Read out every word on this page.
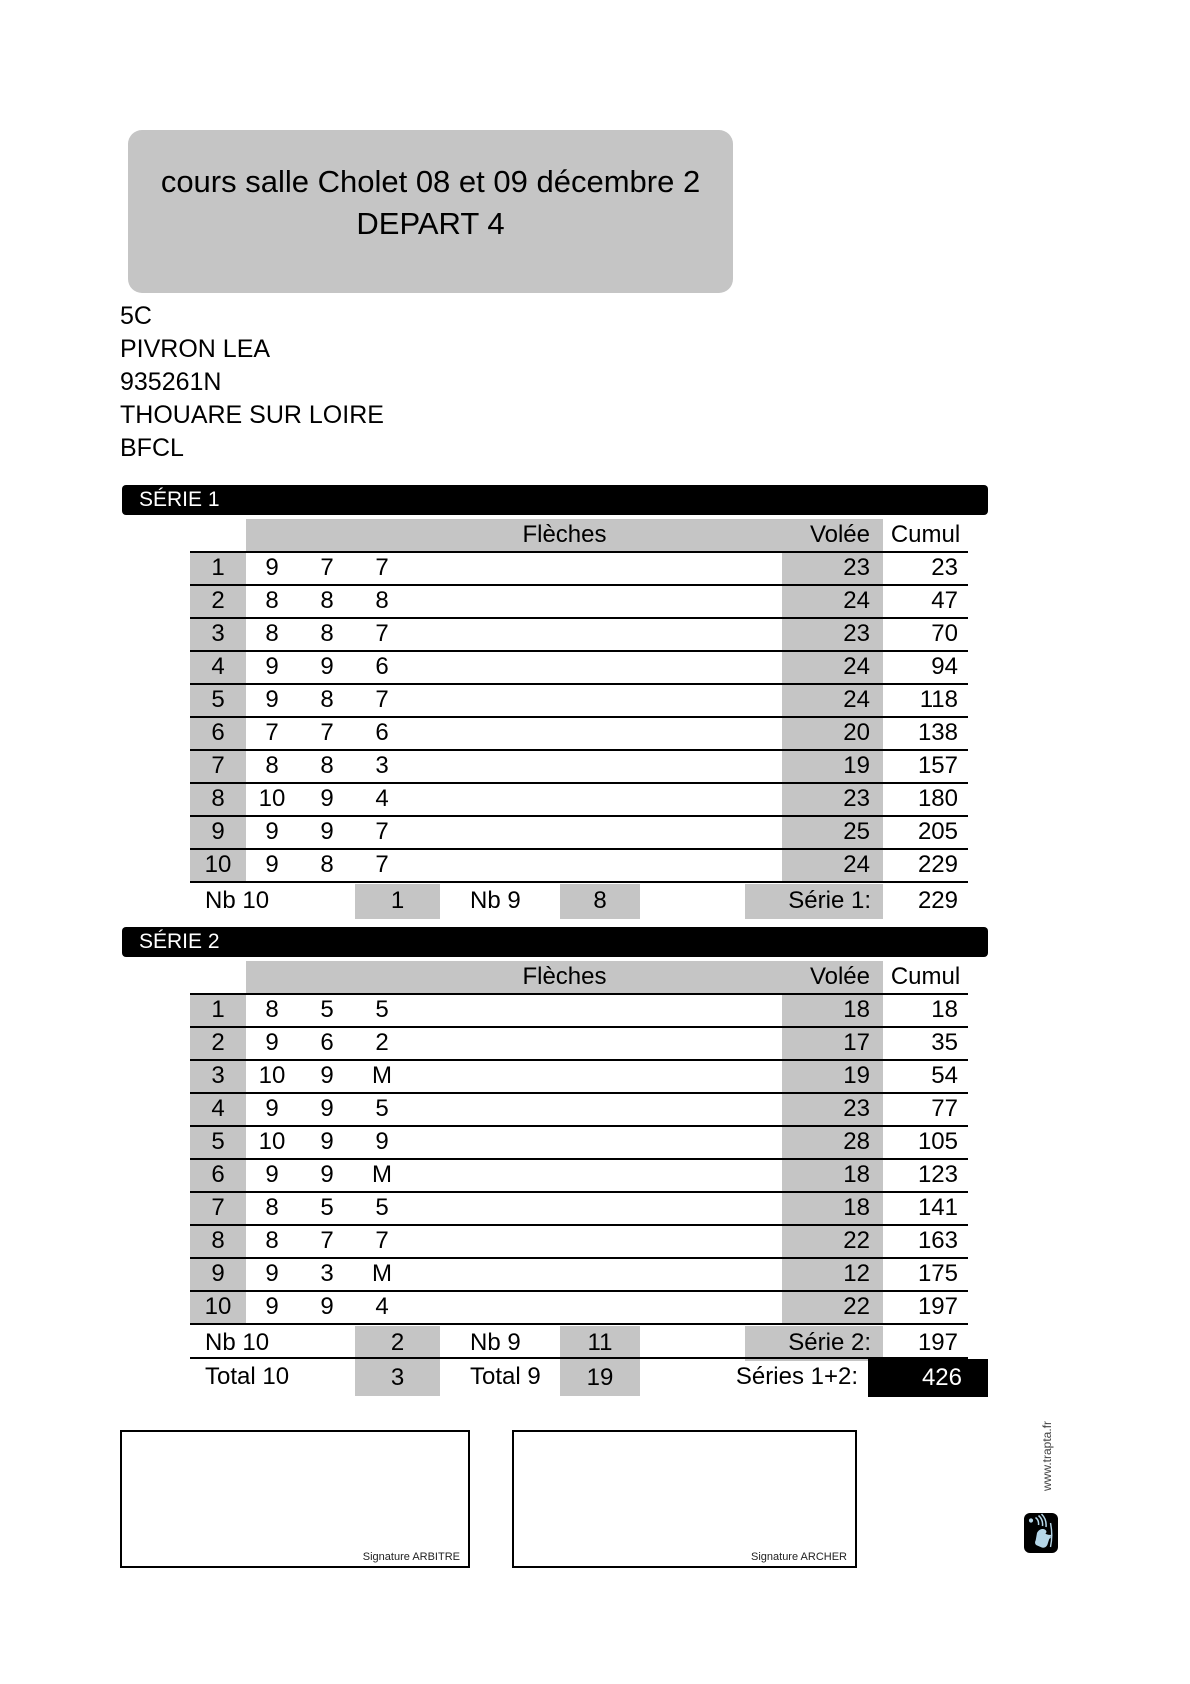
cours salle Cholet 08 et 09 décembre 2
DEPART 4
5C
PIVRON LEA
935261N
THOUARE SUR LOIRE
BFCL
SÉRIE 1
Flèches	Volée Cumul
1	9	7	7	23	23
2	8	8	8	24	47
3	8	8	7	23	70
4	9	9	6	24	94
5	9	8	7	24	118
6	7	7	6	20	138
7	8	8	3	19	157
8	10	9	4	23	180
9	9	9	7	25	205
10	9	8	7	24	229
Nb 10	1	Nb 9	8	Série 1:	229
SÉRIE 2
Flèches	Volée Cumul
1	8	5	5	18	18
2	9	6	2	17	35
3	10	9	M	19	54
4	9	9	5	23	77
5	10	9	9	28	105
6	9	9	M	18	123
7	8	5	5	18	141
8	8	7	7	22	163
9	9	3	M	12	175
10	9	9	4	22	197
Nb 10	2	Nb 9	11	Série 2:	197
Total 10	3	Total 9	19	Séries 1+2:	426
Signature ARBITRE	Signature ARCHER
www.trapta.fr
